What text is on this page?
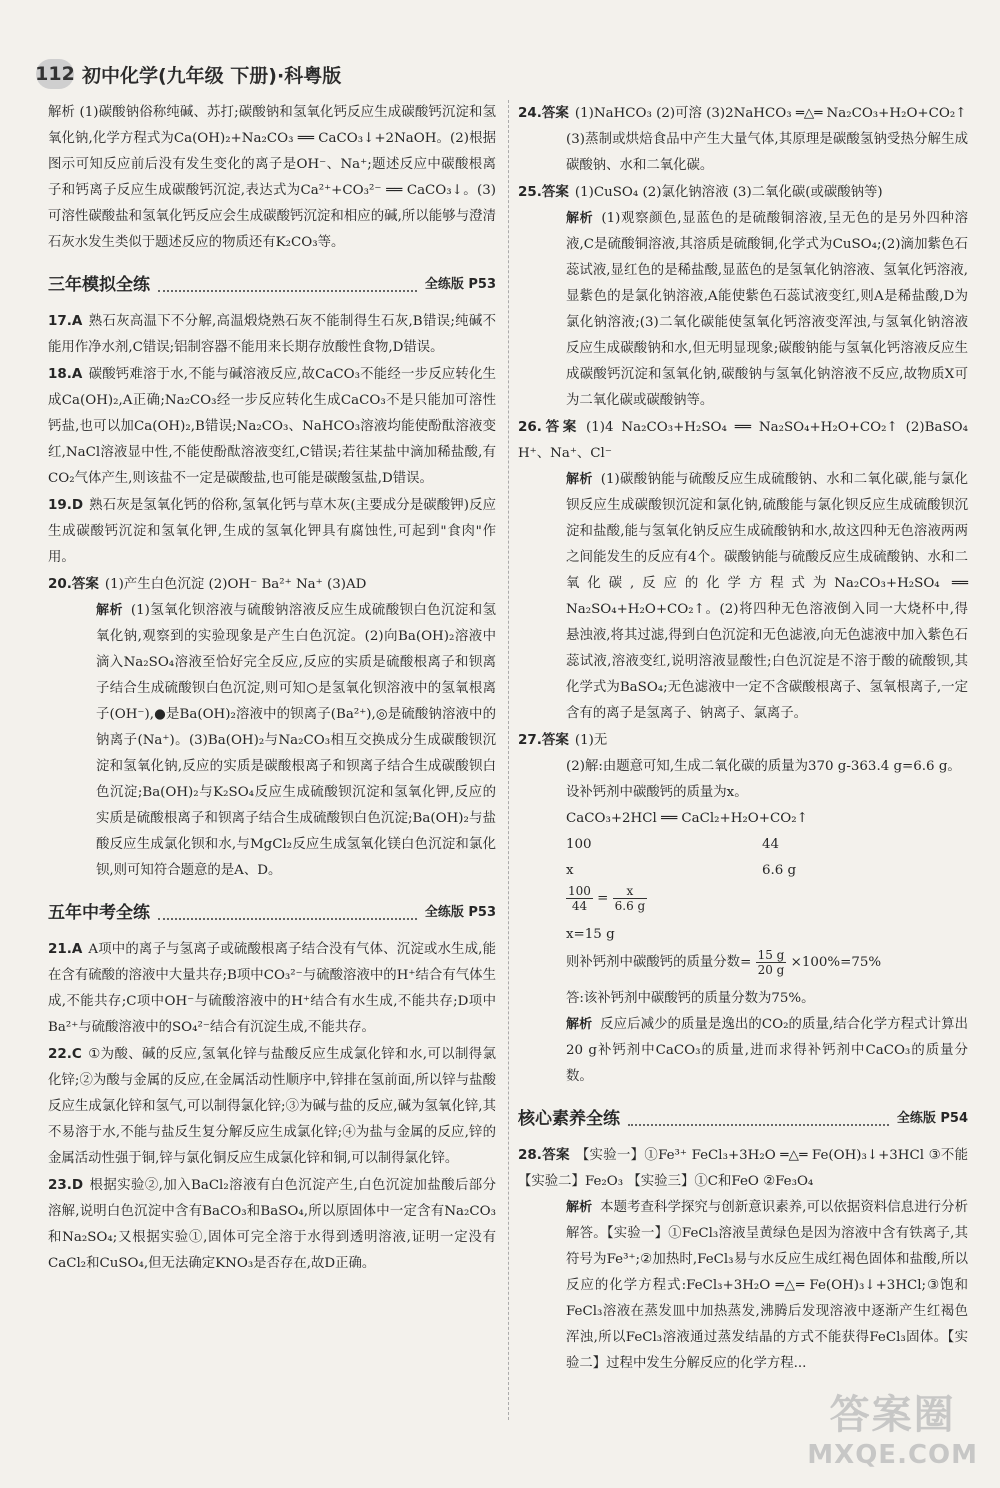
112 初中化学(九年级 下册)·科粤版

解析 (1)碳酸钠俗称纯碱、苏打;碳酸钠和氢氧化钙反应生成碳酸钙沉淀和氢氧化钠,化学方程式为Ca(OH)₂+Na₂CO₃ ══ CaCO₃↓+2NaOH。(2)根据图示可知反应前后没有发生变化的离子是OH⁻、Na⁺;题述反应中碳酸根离子和钙离子反应生成碳酸钙沉淀,表达式为Ca²⁺+CO₃²⁻ ══ CaCO₃↓。(3)可溶性碳酸盐和氢氧化钙反应会生成碳酸钙沉淀和相应的碱,所以能够与澄清石灰水发生类似于题述反应的物质还有K₂CO₃等。

三年模拟全练	全练版 P53

17.A 熟石灰高温下不分解,高温煅烧熟石灰不能制得生石灰,B错误;纯碱不能用作净水剂,C错误;铝制容器不能用来长期存放酸性食物,D错误。

18.A 碳酸钙难溶于水,不能与碱溶液反应,故CaCO₃不能经一步反应转化生成Ca(OH)₂,A正确;Na₂CO₃经一步反应转化生成CaCO₃不是只能加可溶性钙盐,也可以加Ca(OH)₂,B错误;Na₂CO₃、NaHCO₃溶液均能使酚酞溶液变红,NaCl溶液显中性,不能使酚酞溶液变红,C错误;若往某盐中滴加稀盐酸,有CO₂气体产生,则该盐不一定是碳酸盐,也可能是碳酸氢盐,D错误。

19.D 熟石灰是氢氧化钙的俗称,氢氧化钙与草木灰(主要成分是碳酸钾)反应生成碳酸钙沉淀和氢氧化钾,生成的氢氧化钾具有腐蚀性,可起到"食肉"作用。

20.答案 (1)产生白色沉淀 (2)OH⁻ Ba²⁺ Na⁺ (3)AD

解析 (1)氢氧化钡溶液与硫酸钠溶液反应生成硫酸钡白色沉淀和氢氧化钠,观察到的实验现象是产生白色沉淀。(2)向Ba(OH)₂溶液中滴入Na₂SO₄溶液至恰好完全反应,反应的实质是硫酸根离子和钡离子结合生成硫酸钡白色沉淀,则可知○是氢氧化钡溶液中的氢氧根离子(OH⁻),●是Ba(OH)₂溶液中的钡离子(Ba²⁺),◎是硫酸钠溶液中的钠离子(Na⁺)。(3)Ba(OH)₂与Na₂CO₃相互交换成分生成碳酸钡沉淀和氢氧化钠,反应的实质是碳酸根离子和钡离子结合生成碳酸钡白色沉淀;Ba(OH)₂与K₂SO₄反应生成硫酸钡沉淀和氢氧化钾,反应的实质是硫酸根离子和钡离子结合生成硫酸钡白色沉淀;Ba(OH)₂与盐酸反应生成氯化钡和水,与MgCl₂反应生成氢氧化镁白色沉淀和氯化钡,则可知符合题意的是A、D。

五年中考全练	全练版 P53

21.A A项中的离子与氢离子或硫酸根离子结合没有气体、沉淀或水生成,能在含有硫酸的溶液中大量共存;B项中CO₃²⁻与硫酸溶液中的H⁺结合有气体生成,不能共存;C项中OH⁻与硫酸溶液中的H⁺结合有水生成,不能共存;D项中Ba²⁺与硫酸溶液中的SO₄²⁻结合有沉淀生成,不能共存。

22.C ①为酸、碱的反应,氢氧化锌与盐酸反应生成氯化锌和水,可以制得氯化锌;②为酸与金属的反应,在金属活动性顺序中,锌排在氢前面,所以锌与盐酸反应生成氯化锌和氢气,可以制得氯化锌;③为碱与盐的反应,碱为氢氧化锌,其不易溶于水,不能与盐反生复分解反应生成氯化锌;④为盐与金属的反应,锌的金属活动性强于铜,锌与氯化铜反应生成氯化锌和铜,可以制得氯化锌。

23.D 根据实验②,加入BaCl₂溶液有白色沉淀产生,白色沉淀加盐酸后部分溶解,说明白色沉淀中含有BaCO₃和BaSO₄,所以原固体中一定含有Na₂CO₃和Na₂SO₄;又根据实验①,固体可完全溶于水得到透明溶液,证明一定没有CaCl₂和CuSO₄,但无法确定KNO₃是否存在,故D正确。

24.答案 (1)NaHCO₃ (2)可溶 (3)2NaHCO₃ ═△═ Na₂CO₃+H₂O+CO₂↑

(3)蒸制或烘焙食品中产生大量气体,其原理是碳酸氢钠受热分解生成碳酸钠、水和二氧化碳。

25.答案 (1)CuSO₄ (2)氯化钠溶液 (3)二氧化碳(或碳酸钠等)

解析 (1)观察颜色,显蓝色的是硫酸铜溶液,呈无色的是另外四种溶液,C是硫酸铜溶液,其溶质是硫酸铜,化学式为CuSO₄;(2)滴加紫色石蕊试液,显红色的是稀盐酸,显蓝色的是氢氧化钠溶液、氢氧化钙溶液,显紫色的是氯化钠溶液,A能使紫色石蕊试液变红,则A是稀盐酸,D为氯化钠溶液;(3)二氧化碳能使氢氧化钙溶液变浑浊,与氢氧化钠溶液反应生成碳酸钠和水,但无明显现象;碳酸钠能与氢氧化钙溶液反应生成碳酸钙沉淀和氢氧化钠,碳酸钠与氢氧化钠溶液不反应,故物质X可为二氧化碳或碳酸钠等。

26.答案 (1)4 Na₂CO₃+H₂SO₄ ══ Na₂SO₄+H₂O+CO₂↑ (2)BaSO₄ H⁺、Na⁺、Cl⁻

解析 (1)碳酸钠能与硫酸反应生成硫酸钠、水和二氧化碳,能与氯化钡反应生成碳酸钡沉淀和氯化钠,硫酸能与氯化钡反应生成硫酸钡沉淀和盐酸,能与氢氧化钠反应生成硫酸钠和水,故这四种无色溶液两两之间能发生的反应有4个。碳酸钠能与硫酸反应生成硫酸钠、水和二氧化碳,反应的化学方程式为Na₂CO₃+H₂SO₄ ══ Na₂SO₄+H₂O+CO₂↑。(2)将四种无色溶液倒入同一大烧杯中,得悬浊液,将其过滤,得到白色沉淀和无色滤液,向无色滤液中加入紫色石蕊试液,溶液变红,说明溶液显酸性;白色沉淀是不溶于酸的硫酸钡,其化学式为BaSO₄;无色滤液中一定不含碳酸根离子、氢氧根离子,一定含有的离子是氢离子、钠离子、氯离子。

27.答案 (1)无

(2)解:由题意可知,生成二氧化碳的质量为370 g-363.4 g=6.6 g。

设补钙剂中碳酸钙的质量为x。

CaCO₃+2HCl ══ CaCl₂+H₂O+CO₂↑

100	44
x	6.6 g
$\frac{100}{44} = \frac{x}{6.6 g}$

x=15 g

则补钙剂中碳酸钙的质量分数= $\frac{15 g}{20 g} \times 100\%=75\%$

答:该补钙剂中碳酸钙的质量分数为75%。

解析 反应后减少的质量是逸出的CO₂的质量,结合化学方程式计算出20 g补钙剂中CaCO₃的质量,进而求得补钙剂中CaCO₃的质量分数。

核心素养全练	全练版 P54

28.答案 【实验一】①Fe³⁺ FeCl₃+3H₂O ═△═ Fe(OH)₃↓+3HCl ③不能 【实验二】Fe₂O₃ 【实验三】①C和FeO ②Fe₃O₄

解析 本题考查科学探究与创新意识素养,可以依据资料信息进行分析解答。【实验一】①FeCl₃溶液呈黄绿色是因为溶液中含有铁离子,其符号为Fe³⁺;②加热时,FeCl₃易与水反应生成红褐色固体和盐酸,所以反应的化学方程式:FeCl₃+3H₂O ═△═ Fe(OH)₃↓+3HCl;③饱和FeCl₃溶液在蒸发皿中加热蒸发,沸腾后发现溶液中逐渐产生红褐色浑浊,所以FeCl₃溶液通过蒸发结晶的方式不能获得FeCl₃固体。【实验二】过程中发生分解反应的化学方程...

答案圈
MXQE.COM
